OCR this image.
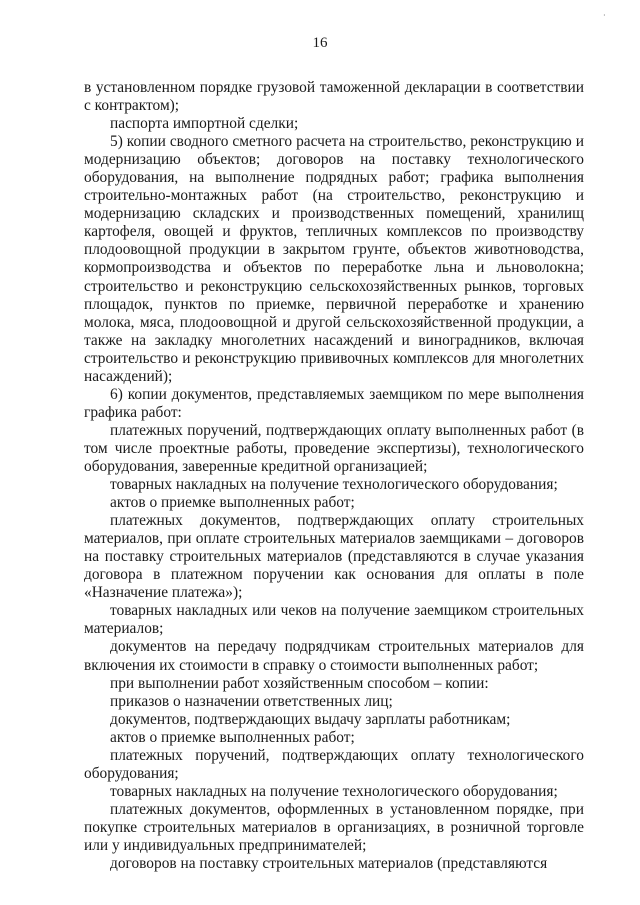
·
16

в установленном порядке грузовой таможенной декларации в соответствии с контрактом);

паспорта импортной сделки;

5) копии сводного сметного расчета на строительство, реконструкцию и модернизацию объектов; договоров на поставку технологического оборудования, на выполнение подрядных работ; графика выполнения строительно-монтажных работ (на строительство, реконструкцию и модернизацию складских и производственных помещений, хранилищ картофеля, овощей и фруктов, тепличных комплексов по производству плодоовощной продукции в закрытом грунте, объектов животноводства, кормопроизводства и объектов по переработке льна и льноволокна; строительство и реконструкцию сельскохозяйственных рынков, торговых площадок, пунктов по приемке, первичной переработке и хранению молока, мяса, плодоовощной и другой сельскохозяйственной продукции, а также на закладку многолетних насаждений и виноградников, включая строительство и реконструкцию прививочных комплексов для многолетних насаждений);

6) копии документов, представляемых заемщиком по мере выполнения графика работ:

платежных поручений, подтверждающих оплату выполненных работ (в том числе проектные работы, проведение экспертизы), технологического оборудования, заверенные кредитной организацией;

товарных накладных на получение технологического оборудования;

актов о приемке выполненных работ;

платежных документов, подтверждающих оплату строительных материалов, при оплате строительных материалов заемщиками – договоров на поставку строительных материалов (представляются в случае указания договора в платежном поручении как основания для оплаты в поле «Назначение платежа»);

товарных накладных или чеков на получение заемщиком строительных материалов;

документов на передачу подрядчикам строительных материалов для включения их стоимости в справку о стоимости выполненных работ;

при выполнении работ хозяйственным способом – копии:

приказов о назначении ответственных лиц;

документов, подтверждающих выдачу зарплаты работникам;

актов о приемке выполненных работ;

платежных поручений, подтверждающих оплату технологического оборудования;

товарных накладных на получение технологического оборудования;

платежных документов, оформленных в установленном порядке, при покупке строительных материалов в организациях, в розничной торговле или у индивидуальных предпринимателей;

договоров на поставку строительных материалов (представляются
